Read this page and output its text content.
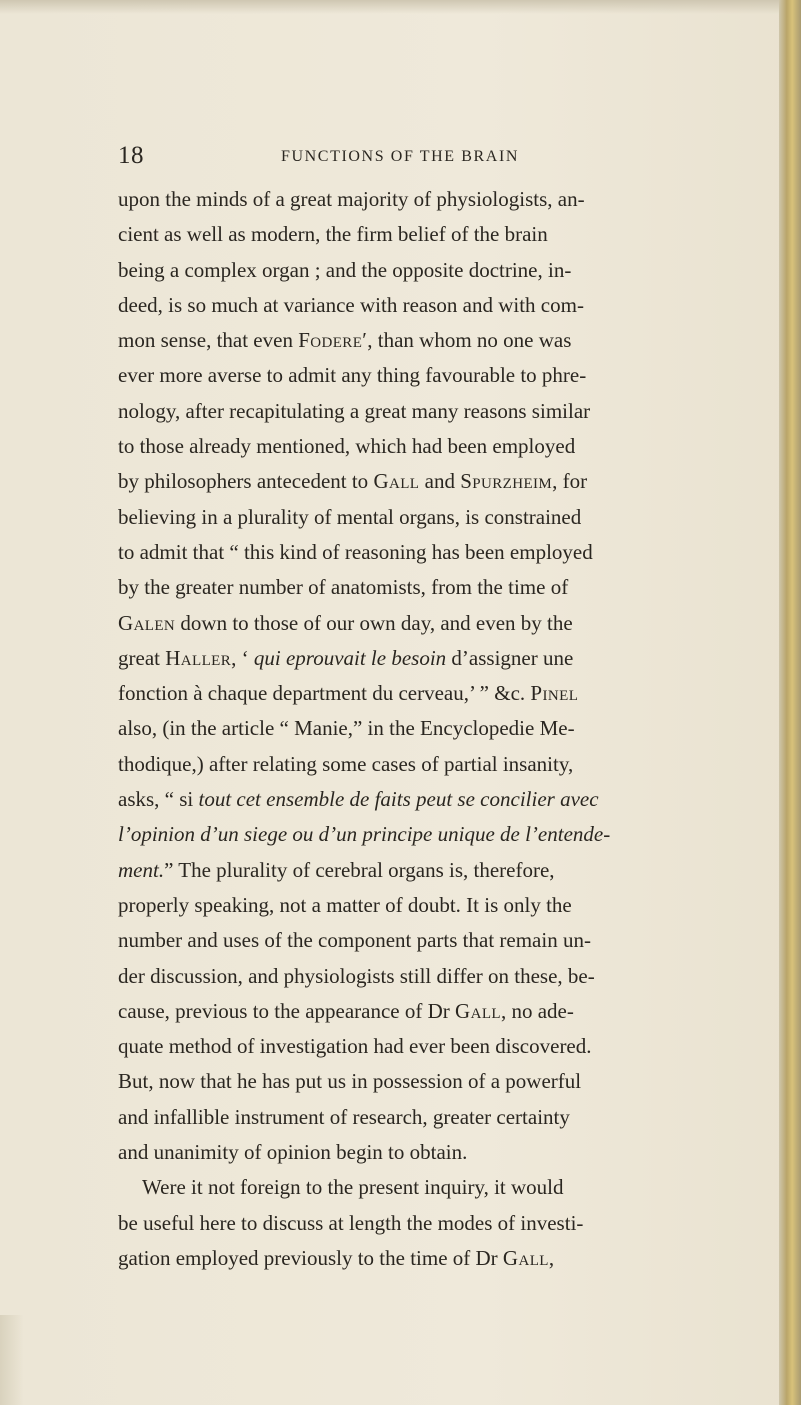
18	FUNCTIONS OF THE BRAIN
upon the minds of a great majority of physiologists, an-
cient as well as modern, the firm belief of the brain
being a complex organ ; and the opposite doctrine, in-
deed, is so much at variance with reason and with com-
mon sense, that even Fodere′, than whom no one was
ever more averse to admit any thing favourable to phre-
nology, after recapitulating a great many reasons similar
to those already mentioned, which had been employed
by philosophers antecedent to Gall and Spurzheim, for
believing in a plurality of mental organs, is constrained
to admit that “ this kind of reasoning has been employed
by the greater number of anatomists, from the time of
Galen down to those of our own day, and even by the
great Haller, ‘ qui eprouvait le besoin d’assigner une
fonction à chaque department du cerveau,’ ” &c. Pinel
also, (in the article “ Manie,” in the Encyclopedie Me-
thodique,) after relating some cases of partial insanity,
asks, “ si tout cet ensemble de faits peut se concilier avec
l’opinion d’un siege ou d’un principe unique de l’entende-
ment.” The plurality of cerebral organs is, therefore,
properly speaking, not a matter of doubt. It is only the
number and uses of the component parts that remain un-
der discussion, and physiologists still differ on these, be-
cause, previous to the appearance of Dr Gall, no ade-
quate method of investigation had ever been discovered.
But, now that he has put us in possession of a powerful
and infallible instrument of research, greater certainty
and unanimity of opinion begin to obtain.
Were it not foreign to the present inquiry, it would
be useful here to discuss at length the modes of investi-
gation employed previously to the time of Dr Gall,
